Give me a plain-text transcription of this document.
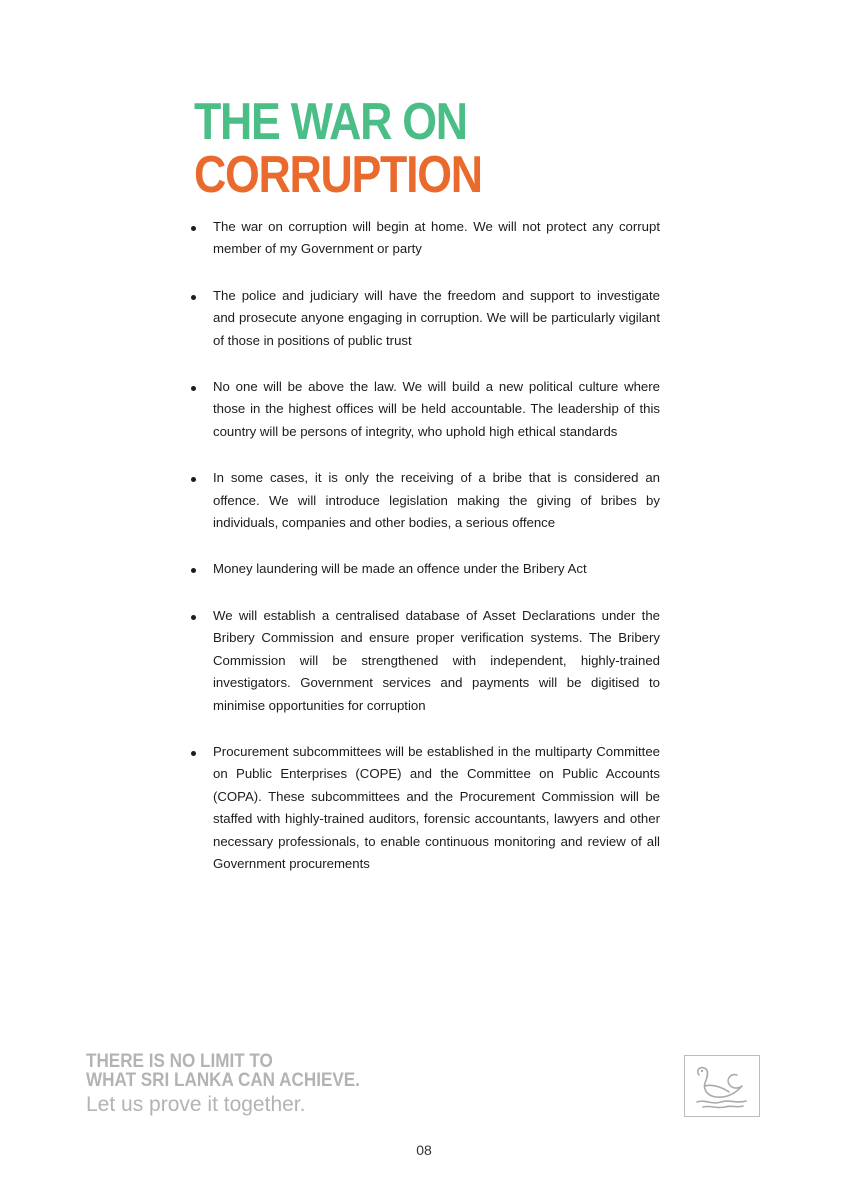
THE WAR ON
CORRUPTION
The war on corruption will begin at home. We will not protect any corrupt member of my Government or party
The police and judiciary will have the freedom and support to investigate and prosecute anyone engaging in corruption. We will be particularly vigilant of those in positions of public trust
No one will be above the law. We will build a new political culture where those in the highest offices will be held accountable. The leadership of this country will be persons of integrity, who uphold high ethical standards
In some cases, it is only the receiving of a bribe that is considered an offence. We will introduce legislation making the giving of bribes by individuals, companies and other bodies, a serious offence
Money laundering will be made an offence under the Bribery Act
We will establish a centralised database of Asset Declarations under the Bribery Commission and ensure proper verification systems. The Bribery Commission will be strengthened with independent, highly-trained investigators. Government services and payments will be digitised to minimise opportunities for corruption
Procurement subcommittees will be established in the multiparty Committee on Public Enterprises (COPE) and the Committee on Public Accounts (COPA). These subcommittees and the Procurement Commission will be staffed with highly-trained auditors, forensic accountants, lawyers and other necessary professionals, to enable continuous monitoring and review of all Government procurements
THERE IS NO LIMIT TO
WHAT SRI LANKA CAN ACHIEVE.
Let us prove it together.
08
